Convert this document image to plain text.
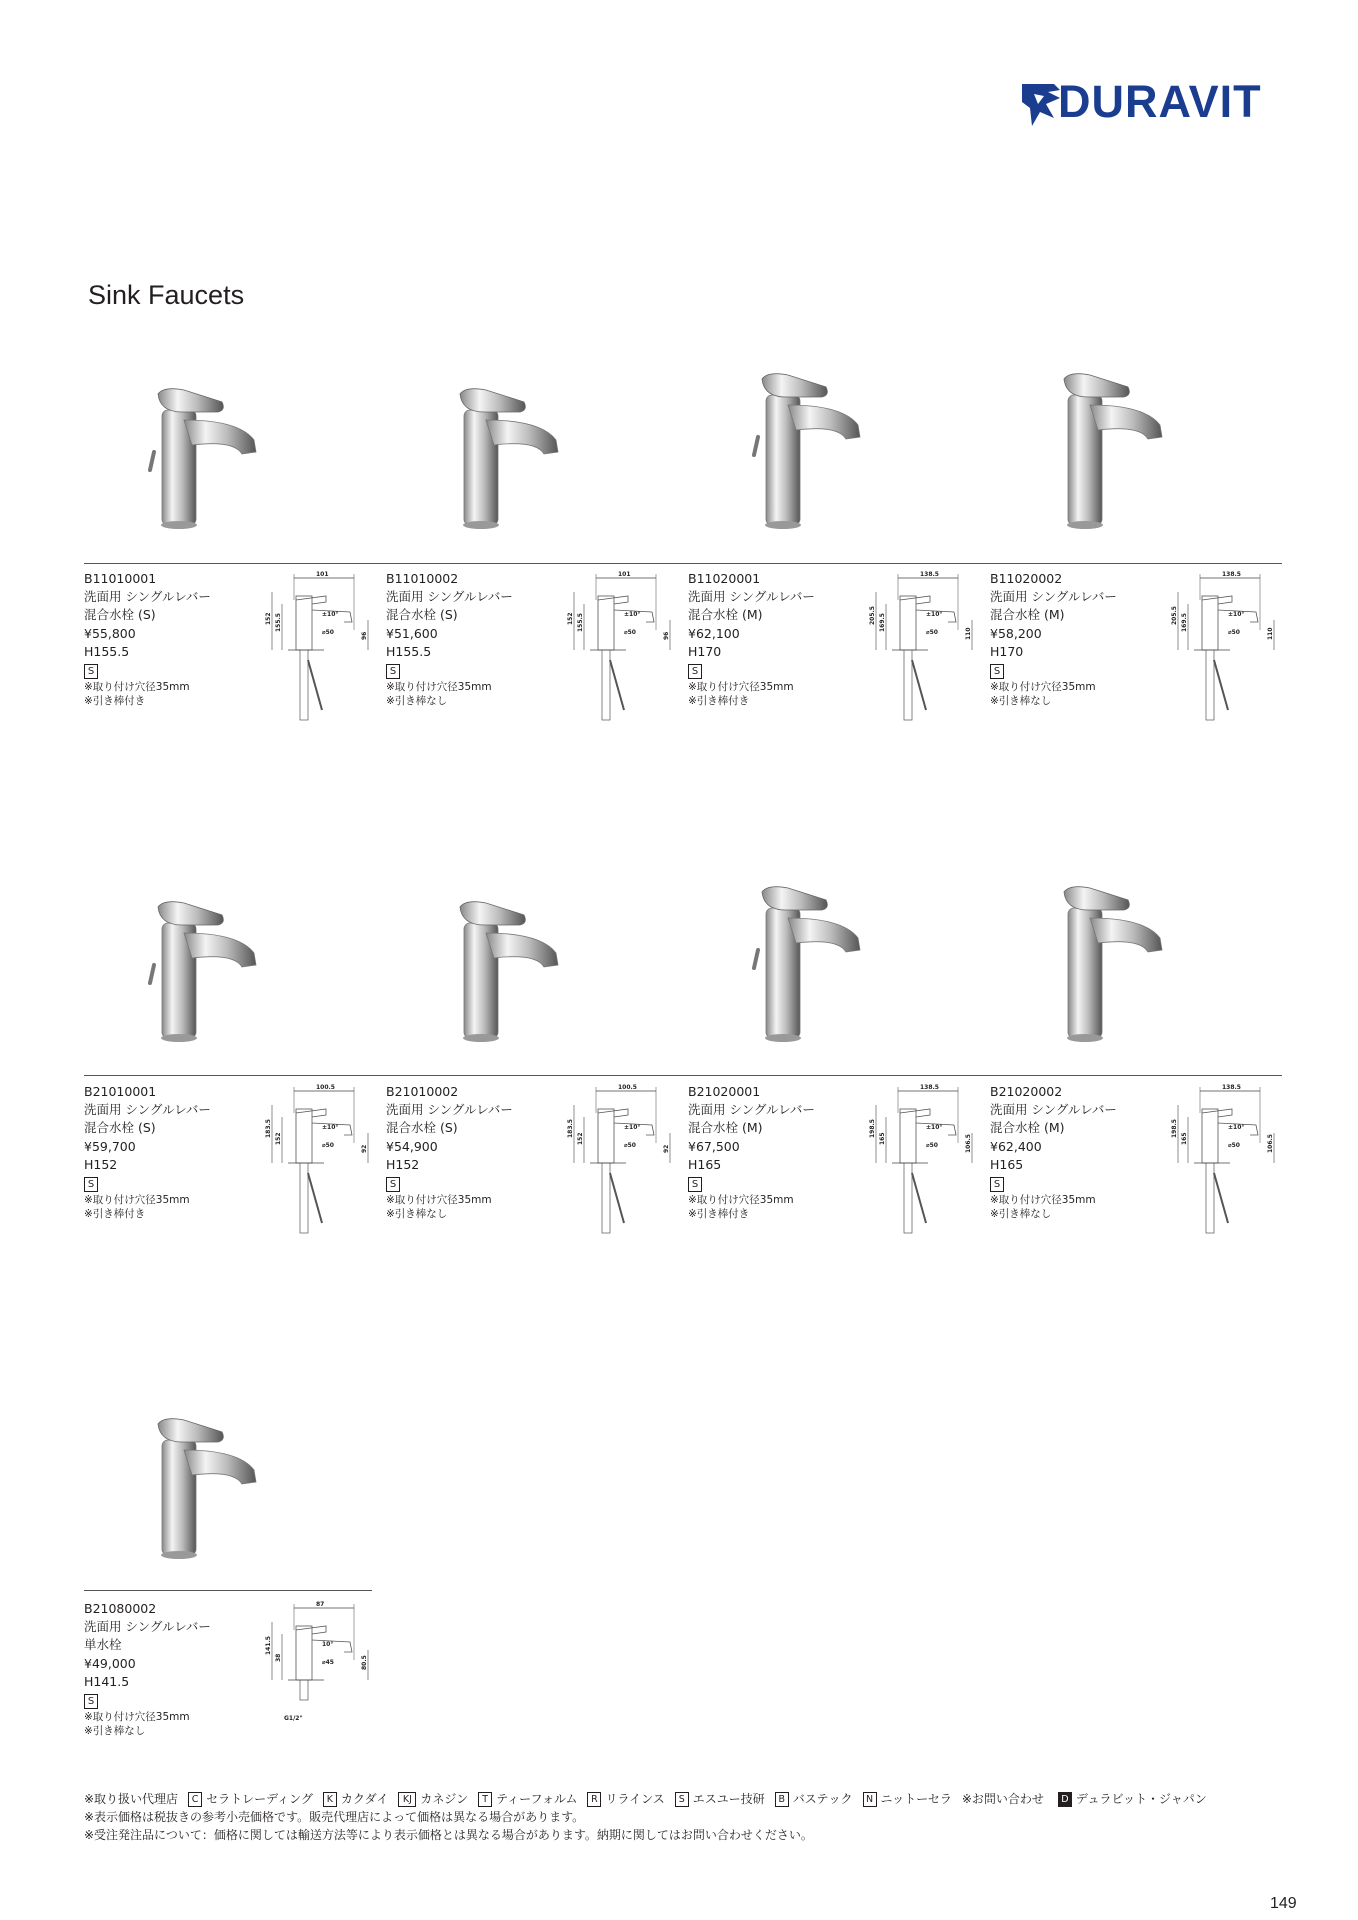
DURAVIT
Sink Faucets
B11010001
洗面用 シングルレバー
混合水栓 (S)
¥55,800
H155.5
S
※取り付け穴径35mm
※引き棒付き
101
152 155.5
96
±10°
⌀50
B11010002
洗面用 シングルレバー
混合水栓 (S)
¥51,600
H155.5
S
※取り付け穴径35mm
※引き棒なし
101
152 155.5
96
±10°
⌀50
B11020001
洗面用 シングルレバー
混合水栓 (M)
¥62,100
H170
S
※取り付け穴径35mm
※引き棒付き
138.5
205.5 169.5
110
±10°
⌀50
B11020002
洗面用 シングルレバー
混合水栓 (M)
¥58,200
H170
S
※取り付け穴径35mm
※引き棒なし
138.5
205.5 169.5
110
±10°
⌀50
B21010001
洗面用 シングルレバー
混合水栓 (S)
¥59,700
H152
S
※取り付け穴径35mm
※引き棒付き
100.5
183.5
152
92
±10°
⌀50
B21010002
洗面用 シングルレバー
混合水栓 (S)
¥54,900
H152
S
※取り付け穴径35mm
※引き棒なし
100.5
183.5
152
92
±10°
⌀50
B21020001
洗面用 シングルレバー
混合水栓 (M)
¥67,500
H165
S
※取り付け穴径35mm
※引き棒付き
138.5
198.5
165	106.5
±10°
⌀50
B21020002
洗面用 シングルレバー
混合水栓 (M)
¥62,400
H165
S
※取り付け穴径35mm
※引き棒なし
138.5
198.5
165	106.5
±10°
⌀50
B21080002
洗面用 シングルレバー
単水栓
¥49,000
H141.5
S
※取り付け穴径35mm
※引き棒なし
87
141.5
38	80.5
10°
⌀45
G1/2"
※取り扱い代理店	C セラトレーディング	K カクダイ	KJ カネジン	T ティーフォルム	R リラインス	S エスユー技研	B バステック	N ニットーセラ ※お問い合わせ	D デュラビット・ジャパン
※表示価格は税抜きの参考小売価格です。販売代理店によって価格は異なる場合があります。
※受注発注品について：価格に関しては輸送方法等により表示価格とは異なる場合があります。納期に関してはお問い合わせください。
149
